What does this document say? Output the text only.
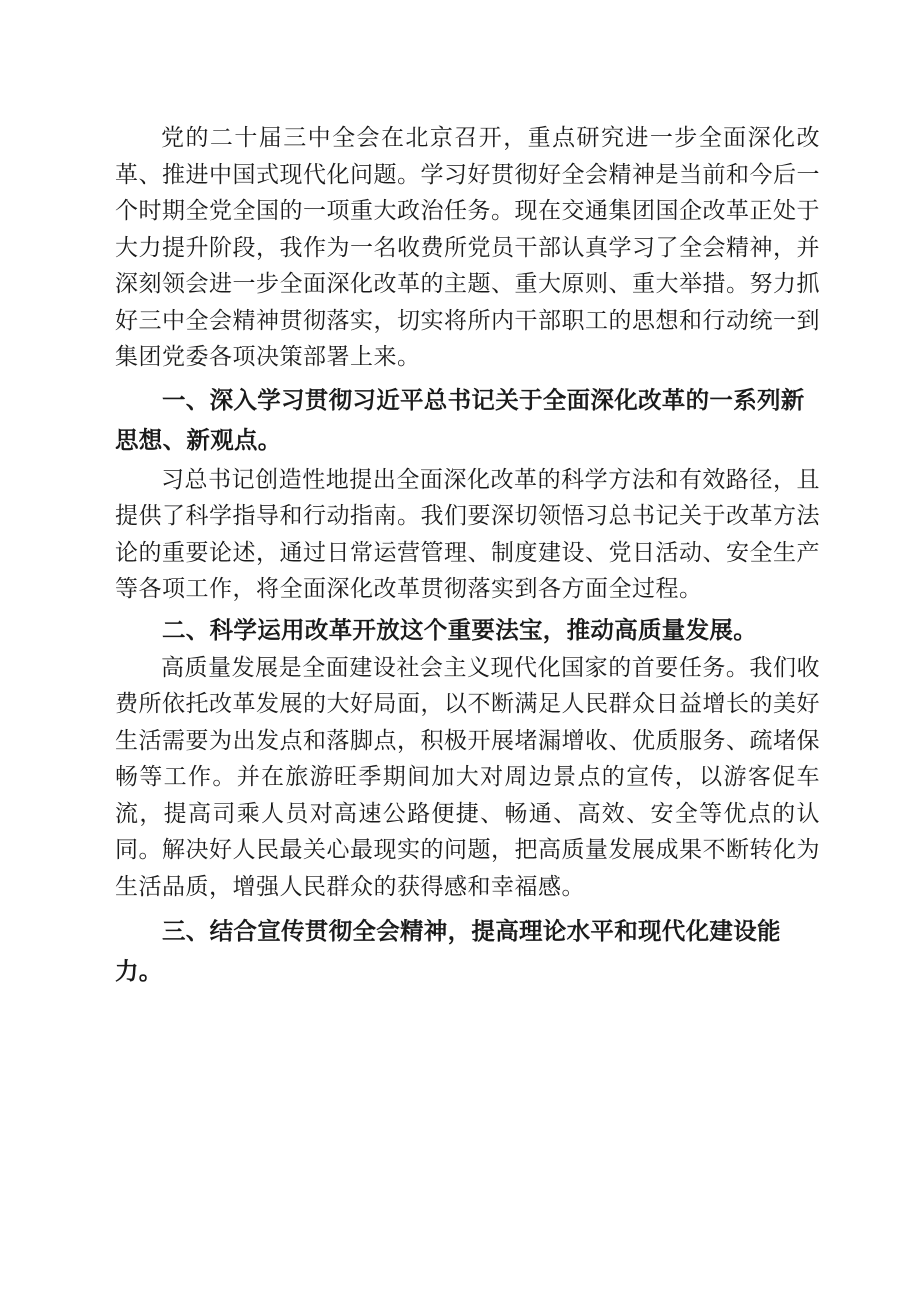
党的二十届三中全会在北京召开，重点研究进一步全面深化改革、推进中国式现代化问题。学习好贯彻好全会精神是当前和今后一个时期全党全国的一项重大政治任务。现在交通集团国企改革正处于大力提升阶段，我作为一名收费所党员干部认真学习了全会精神，并深刻领会进一步全面深化改革的主题、重大原则、重大举措。努力抓好三中全会精神贯彻落实，切实将所内干部职工的思想和行动统一到集团党委各项决策部署上来。

一、深入学习贯彻习近平总书记关于全面深化改革的一系列新思想、新观点。

习总书记创造性地提出全面深化改革的科学方法和有效路径，且提供了科学指导和行动指南。我们要深切领悟习总书记关于改革方法论的重要论述，通过日常运营管理、制度建设、党日活动、安全生产等各项工作，将全面深化改革贯彻落实到各方面全过程。

二、科学运用改革开放这个重要法宝，推动高质量发展。

高质量发展是全面建设社会主义现代化国家的首要任务。我们收费所依托改革发展的大好局面，以不断满足人民群众日益增长的美好生活需要为出发点和落脚点，积极开展堵漏增收、优质服务、疏堵保畅等工作。并在旅游旺季期间加大对周边景点的宣传，以游客促车流，提高司乘人员对高速公路便捷、畅通、高效、安全等优点的认同。解决好人民最关心最现实的问题，把高质量发展成果不断转化为生活品质，增强人民群众的获得感和幸福感。

三、结合宣传贯彻全会精神，提高理论水平和现代化建设能力。
